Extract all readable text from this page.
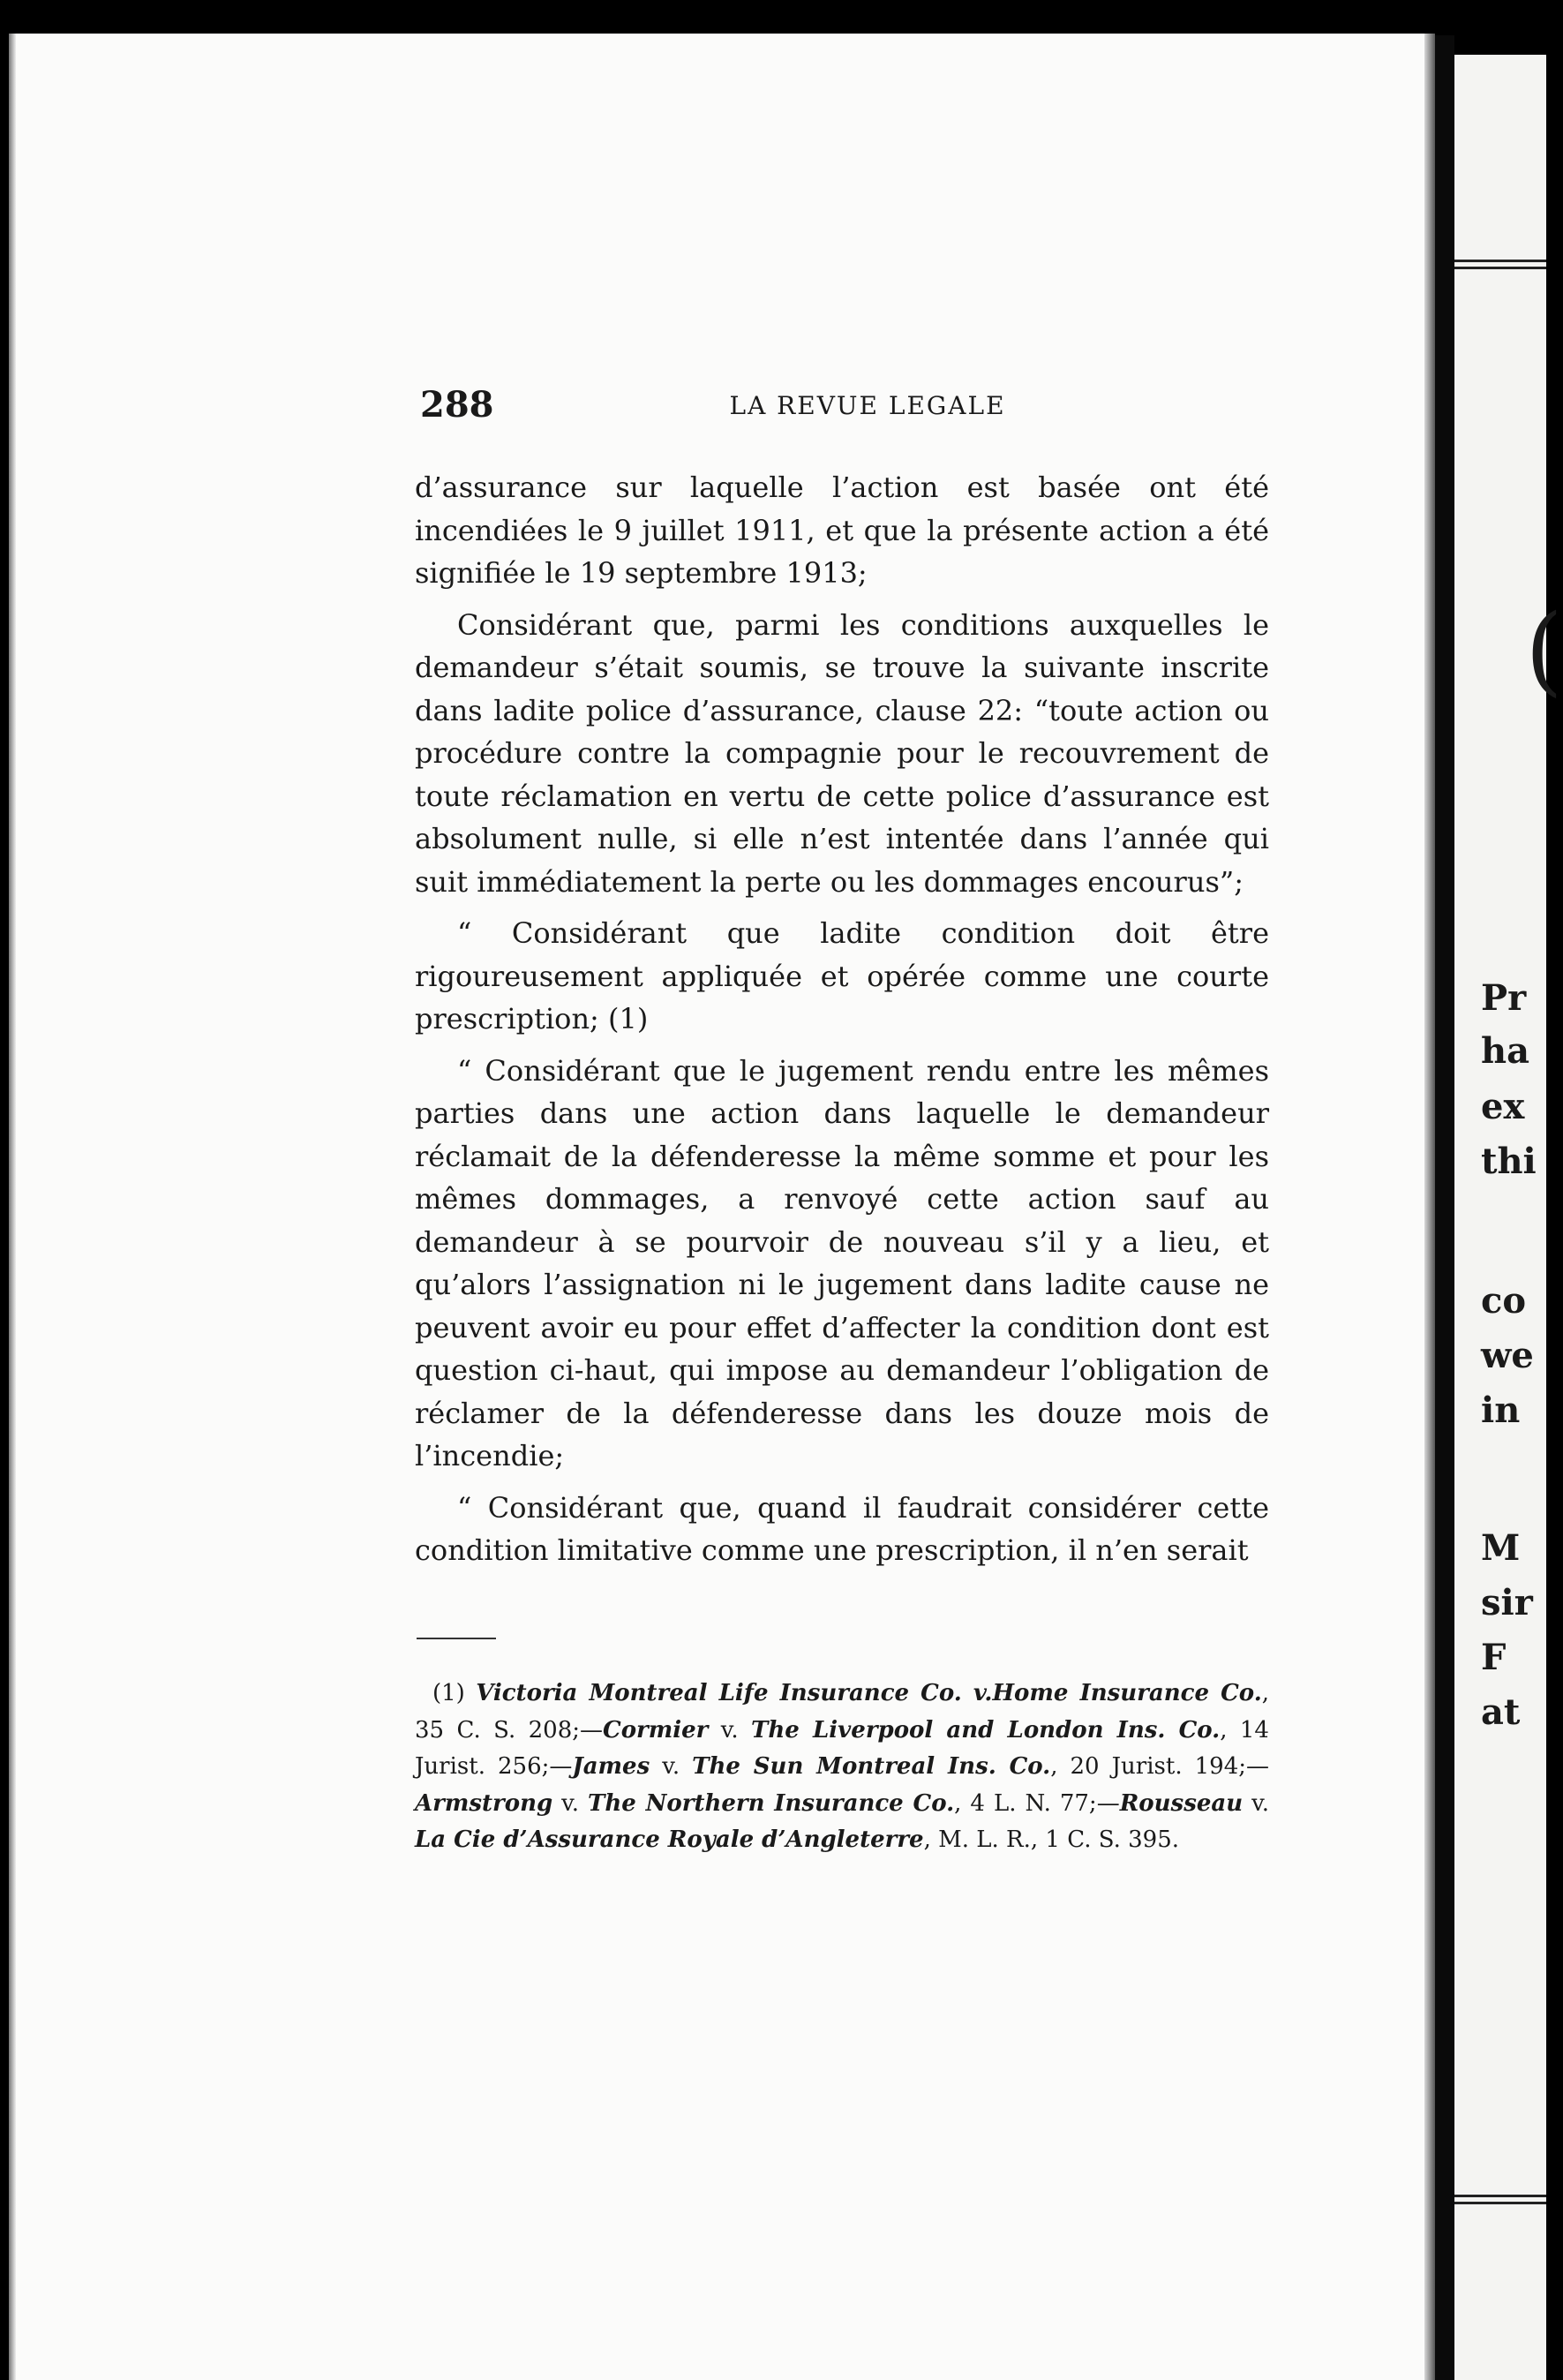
(
Pr
ha
ex
thi
co
we
in
M
sir
F
at
288	LA REVUE LEGALE

d’assurance sur laquelle l’action est basée ont été incendiées le 9 juillet 1911, et que la présente action a été signifiée le 19 septembre 1913;

Considérant que, parmi les conditions auxquelles le demandeur s’était soumis, se trouve la suivante inscrite dans ladite police d’assurance, clause 22: “toute action ou procédure contre la compagnie pour le recouvrement de toute réclamation en vertu de cette police d’assurance est absolument nulle, si elle n’est intentée dans l’année qui suit immédiatement la perte ou les dommages encourus”;

“ Considérant que ladite condition doit être rigoureusement appliquée et opérée comme une courte prescription; (1)

“ Considérant que le jugement rendu entre les mêmes parties dans une action dans laquelle le demandeur réclamait de la défenderesse la même somme et pour les mêmes dommages, a renvoyé cette action sauf au demandeur à se pourvoir de nouveau s’il y a lieu, et qu’alors l’assignation ni le jugement dans ladite cause ne peuvent avoir eu pour effet d’affecter la condition dont est question ci-haut, qui impose au demandeur l’obligation de réclamer de la défenderesse dans les douze mois de l’incendie;

“ Considérant que, quand il faudrait considérer cette condition limitative comme une prescription, il n’en serait

(1) Victoria Montreal Life Insurance Co. v.Home Insurance Co., 35 C. S. 208;—Cormier v. The Liverpool and London Ins. Co., 14 Jurist. 256;—James v. The Sun Montreal Ins. Co., 20 Jurist. 194;—Armstrong v. The Northern Insurance Co., 4 L. N. 77;—Rousseau v. La Cie d’Assurance Royale d’Angleterre, M. L. R., 1 C. S. 395.
